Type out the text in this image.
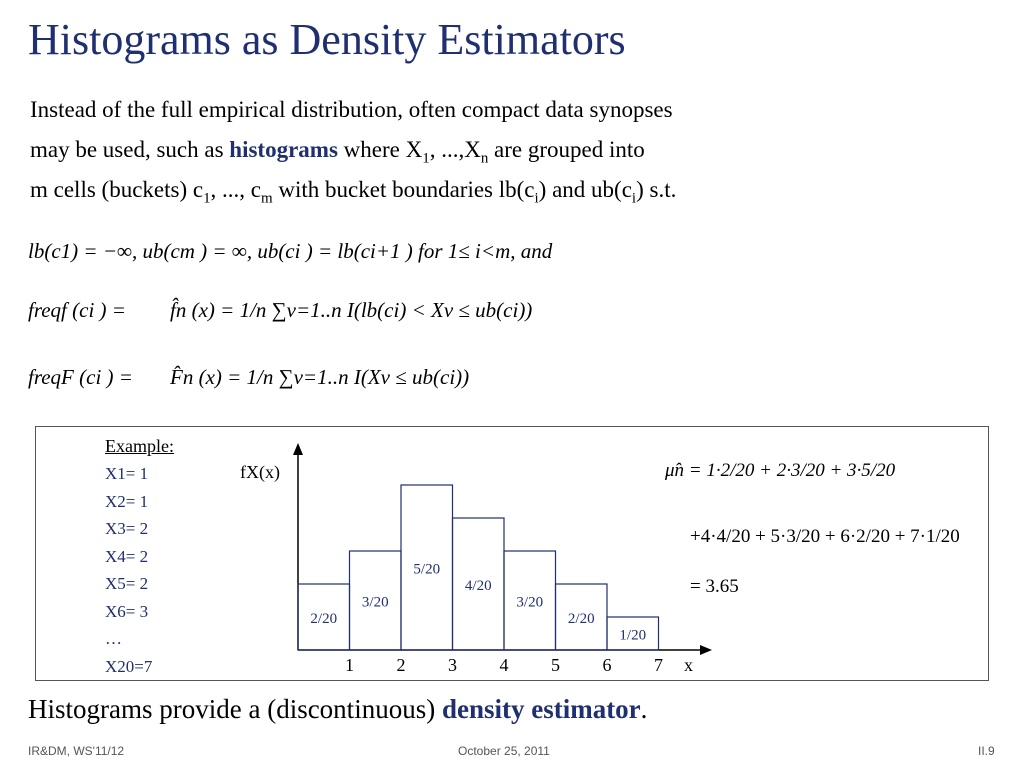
Histograms as Density Estimators
Instead of the full empirical distribution, often compact data synopses
may be used, such as histograms where $X_1$, $...,X_n$ are grouped into
m cells (buckets) $c_1$, ..., $c_m$ with bucket boundaries $lb(c_i)$ and $ub(c_i)$ s.t.
lb(c1) = −∞, ub(cm ) = ∞, ub(ci ) = lb(ci+1 ) for 1≤ i<m, and
freqf (ci ) = f̂n (x) = 1/n ∑v=1..n I(lb(ci) < Xv ≤ ub(ci))
freqF (ci ) = F̂n (x) = 1/n ∑v=1..n I(Xv ≤ ub(ci))
Example:
X1= 1
X2= 1
X3= 2
X4= 2
X5= 2
X6= 3
…
X20=7
fX(x)
x
2/20
1
3/20
2
5/20
3
4/20
4
3/20
5
2/20
6
1/20
7
μ̂n = 1·2/20 + 2·3/20 + 3·5/20
+4·4/20 + 5·3/20 + 6·2/20 + 7·1/20
= 3.65
Histograms provide a (discontinuous) density estimator.
IR&DM, WS'11/12	October 25, 2011	II.9
